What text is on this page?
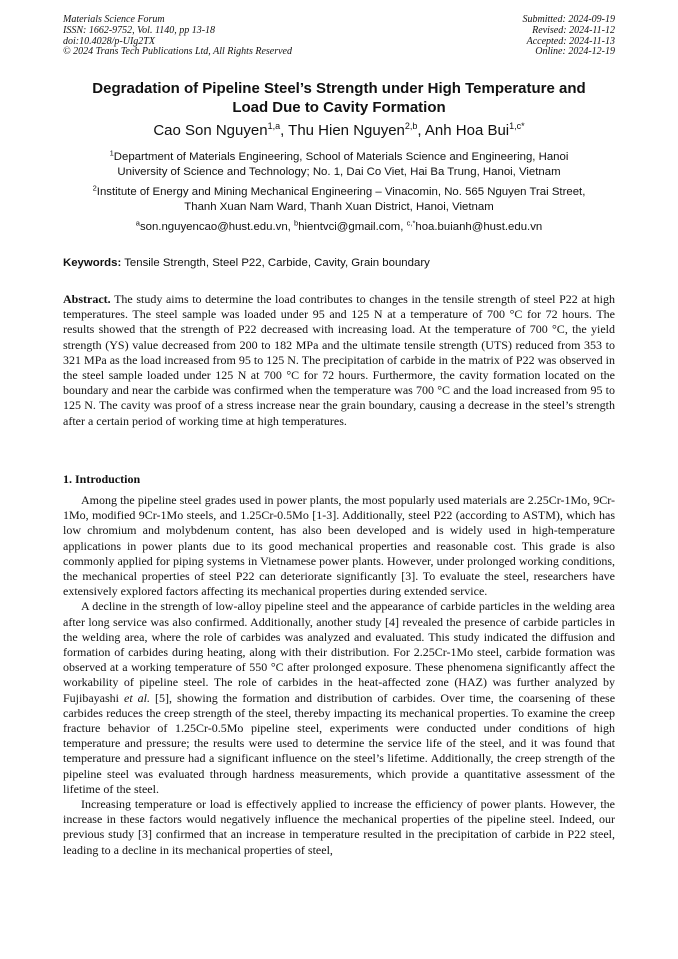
Materials Science Forum
ISSN: 1662-9752, Vol. 1140, pp 13-18
doi:10.4028/p-UIg2TX
© 2024 Trans Tech Publications Ltd, All Rights Reserved
Submitted: 2024-09-19
Revised: 2024-11-12
Accepted: 2024-11-13
Online: 2024-12-19
Degradation of Pipeline Steel’s Strength under High Temperature and
Load Due to Cavity Formation
Cao Son Nguyen$^{1,a}$, Thu Hien Nguyen$^{2,b}$, Anh Hoa Bui$^{1,c*}$
$^1$Department of Materials Engineering, School of Materials Science and Engineering, Hanoi
University of Science and Technology; No. 1, Dai Co Viet, Hai Ba Trung, Hanoi, Vietnam
$^2$Institute of Energy and Mining Mechanical Engineering – Vinacomin, No. 565 Nguyen Trai Street,
Thanh Xuan Nam Ward, Thanh Xuan District, Hanoi, Vietnam
$^a$son.nguyencao@hust.edu.vn, $^b$hientvci@gmail.com, $^{c,*}$hoa.buianh@hust.edu.vn
Keywords: Tensile Strength, Steel P22, Carbide, Cavity, Grain boundary

Abstract. The study aims to determine the load contributes to changes in the tensile strength of steel P22 at high temperatures. The steel sample was loaded under 95 and 125 N at a temperature of 700 °C for 72 hours. The results showed that the strength of P22 decreased with increasing load. At the temperature of 700 °C, the yield strength (YS) value decreased from 200 to 182 MPa and the ultimate tensile strength (UTS) reduced from 353 to 321 MPa as the load increased from 95 to 125 N. The precipitation of carbide in the matrix of P22 was observed in the steel sample loaded under 125 N at 700 °C for 72 hours. Furthermore, the cavity formation located on the boundary and near the carbide was confirmed when the temperature was 700 °C and the load increased from 95 to 125 N. The cavity was proof of a stress increase near the grain boundary, causing a decrease in the steel’s strength after a certain period of working time at high temperatures.

1. Introduction

Among the pipeline steel grades used in power plants, the most popularly used materials are 2.25Cr-1Mo, 9Cr-1Mo, modified 9Cr-1Mo steels, and 1.25Cr-0.5Mo [1-3]. Additionally, steel P22 (according to ASTM), which has low chromium and molybdenum content, has also been developed and is widely used in high-temperature applications in power plants due to its good mechanical properties and reasonable cost. This grade is also commonly applied for piping systems in Vietnamese power plants. However, under prolonged working conditions, the mechanical properties of steel P22 can deteriorate significantly [3]. To evaluate the steel, researchers have extensively explored factors affecting its mechanical properties during extended service.

A decline in the strength of low-alloy pipeline steel and the appearance of carbide particles in the welding area after long service was also confirmed. Additionally, another study [4] revealed the presence of carbide particles in the welding area, where the role of carbides was analyzed and evaluated. This study indicated the diffusion and formation of carbides during heating, along with their distribution. For 2.25Cr-1Mo steel, carbide formation was observed at a working temperature of 550 °C after prolonged exposure. These phenomena significantly affect the workability of pipeline steel. The role of carbides in the heat-affected zone (HAZ) was further analyzed by Fujibayashi et al. [5], showing the formation and distribution of carbides. Over time, the coarsening of these carbides reduces the creep strength of the steel, thereby impacting its mechanical properties. To examine the creep fracture behavior of 1.25Cr-0.5Mo pipeline steel, experiments were conducted under conditions of high temperature and pressure; the results were used to determine the service life of the steel, and it was found that temperature and pressure had a significant influence on the steel’s lifetime. Additionally, the creep strength of the pipeline steel was evaluated through hardness measurements, which provide a quantitative assessment of the lifetime of the steel.

Increasing temperature or load is effectively applied to increase the efficiency of power plants. However, the increase in these factors would negatively influence the mechanical properties of the pipeline steel. Indeed, our previous study [3] confirmed that an increase in temperature resulted in the precipitation of carbide in P22 steel, leading to a decline in its mechanical properties of steel,
